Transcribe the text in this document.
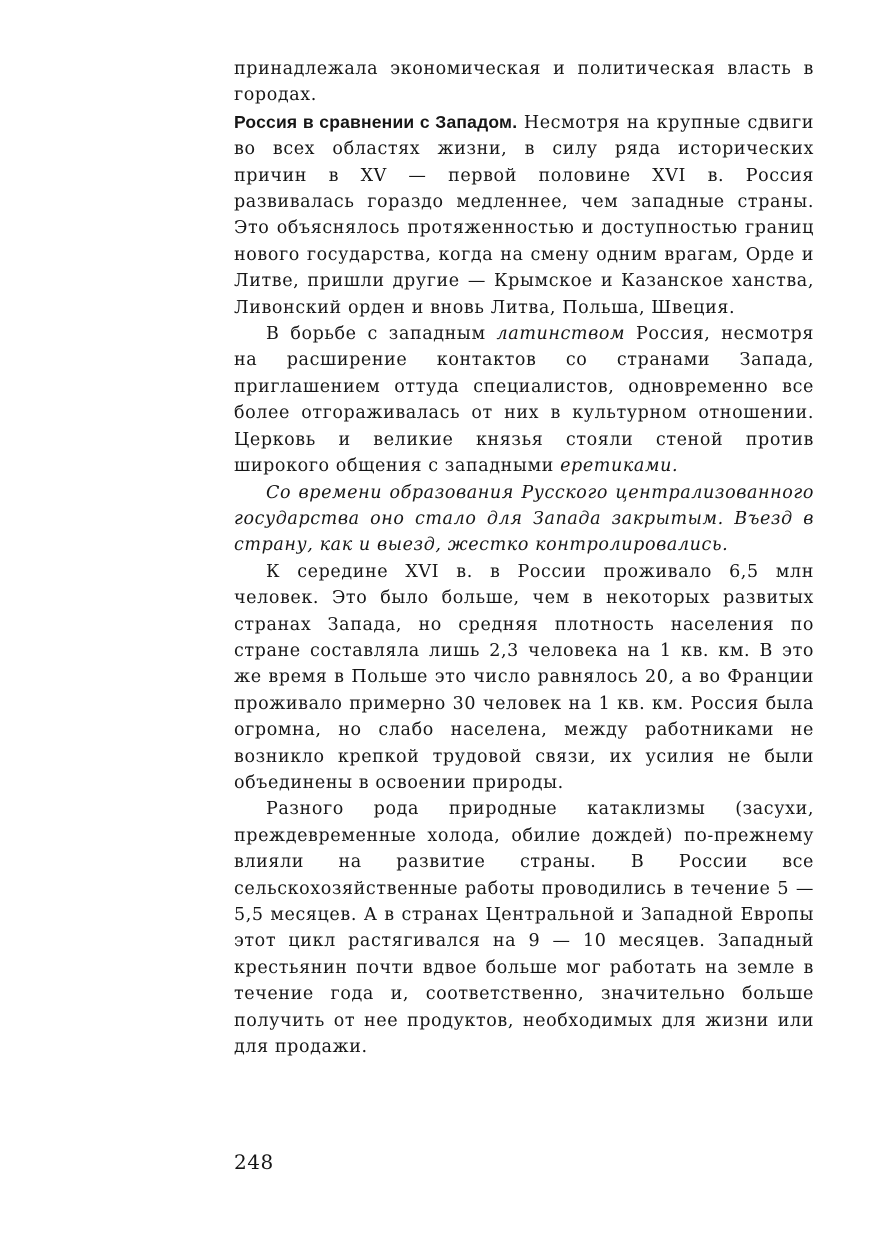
принадлежала экономическая и политическая власть в городах.

Россия в сравнении с Западом. Несмотря на крупные сдвиги во всех областях жизни, в силу ряда исторических причин в XV — первой половине XVI в. Россия развивалась гораздо медленнее, чем западные страны. Это объяснялось протяженностью и доступностью границ нового государства, когда на смену одним врагам, Орде и Литве, пришли другие — Крымское и Казанское ханства, Ливонский орден и вновь Литва, Польша, Швеция.

В борьбе с западным латинством Россия, несмотря на расширение контактов со странами Запада, приглашением оттуда специалистов, одновременно все более отгораживалась от них в культурном отношении. Церковь и великие князья стояли стеной против широкого общения с западными еретиками.

Со времени образования Русского централизованного государства оно стало для Запада закрытым. Въезд в страну, как и выезд, жестко контролировались.

К середине XVI в. в России проживало 6,5 млн человек. Это было больше, чем в некоторых развитых странах Запада, но средняя плотность населения по стране составляла лишь 2,3 человека на 1 кв. км. В это же время в Польше это число равнялось 20, а во Франции проживало примерно 30 человек на 1 кв. км. Россия была огромна, но слабо населена, между работниками не возникло крепкой трудовой связи, их усилия не были объединены в освоении природы.

Разного рода природные катаклизмы (засухи, преждевременные холода, обилие дождей) по-прежнему влияли на развитие страны. В России все сельскохозяйственные работы проводились в течение 5 — 5,5 месяцев. А в странах Центральной и Западной Европы этот цикл растягивался на 9 — 10 месяцев. Западный крестьянин почти вдвое больше мог работать на земле в течение года и, соответственно, значительно больше получить от нее продуктов, необходимых для жизни или для продажи.

248
